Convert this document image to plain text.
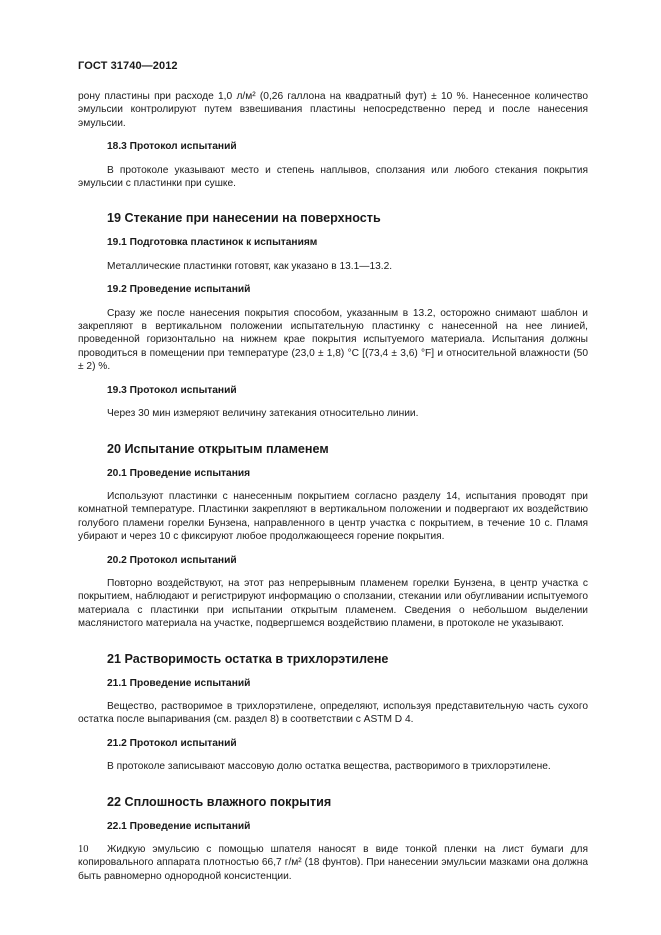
ГОСТ 31740—2012

рону пластины при расходе 1,0 л/м² (0,26 галлона на квадратный фут) ± 10 %. Нанесенное количество эмульсии контролируют путем взвешивания пластины непосредственно перед и после нанесения эмульсии.

18.3 Протокол испытаний

В протоколе указывают место и степень наплывов, сползания или любого стекания покрытия эмульсии с пластинки при сушке.

19 Стекание при нанесении на поверхность
19.1 Подготовка пластинок к испытаниям

Металлические пластинки готовят, как указано в 13.1—13.2.

19.2 Проведение испытаний

Сразу же после нанесения покрытия способом, указанным в 13.2, осторожно снимают шаблон и закрепляют в вертикальном положении испытательную пластинку с нанесенной на нее линией, проведенной горизонтально на нижнем крае покрытия испытуемого материала. Испытания должны проводиться в помещении при температуре (23,0 ± 1,8) °С [(73,4 ± 3,6) °F] и относительной влажности (50 ± 2) %.

19.3 Протокол испытаний

Через 30 мин измеряют величину затекания относительно линии.

20 Испытание открытым пламенем
20.1 Проведение испытания

Используют пластинки с нанесенным покрытием согласно разделу 14, испытания проводят при комнатной температуре. Пластинки закрепляют в вертикальном положении и подвергают их воздействию голубого пламени горелки Бунзена, направленного в центр участка с покрытием, в течение 10 с. Пламя убирают и через 10 с фиксируют любое продолжающееся горение покрытия.

20.2 Протокол испытаний

Повторно воздействуют, на этот раз непрерывным пламенем горелки Бунзена, в центр участка с покрытием, наблюдают и регистрируют информацию о сползании, стекании или обугливании испытуемого материала с пластинки при испытании открытым пламенем. Сведения о небольшом выделении маслянистого материала на участке, подвергшемся воздействию пламени, в протоколе не указывают.

21 Растворимость остатка в трихлорэтилене
21.1 Проведение испытаний

Вещество, растворимое в трихлорэтилене, определяют, используя представительную часть сухого остатка после выпаривания (см. раздел 8) в соответствии с ASTM D 4.

21.2 Протокол испытаний

В протоколе записывают массовую долю остатка вещества, растворимого в трихлорэтилене.

22 Сплошность влажного покрытия
22.1 Проведение испытаний

Жидкую эмульсию с помощью шпателя наносят в виде тонкой пленки на лист бумаги для копировального аппарата плотностью 66,7 г/м² (18 фунтов). При нанесении эмульсии мазками она должна быть равномерно однородной консистенции.

10
